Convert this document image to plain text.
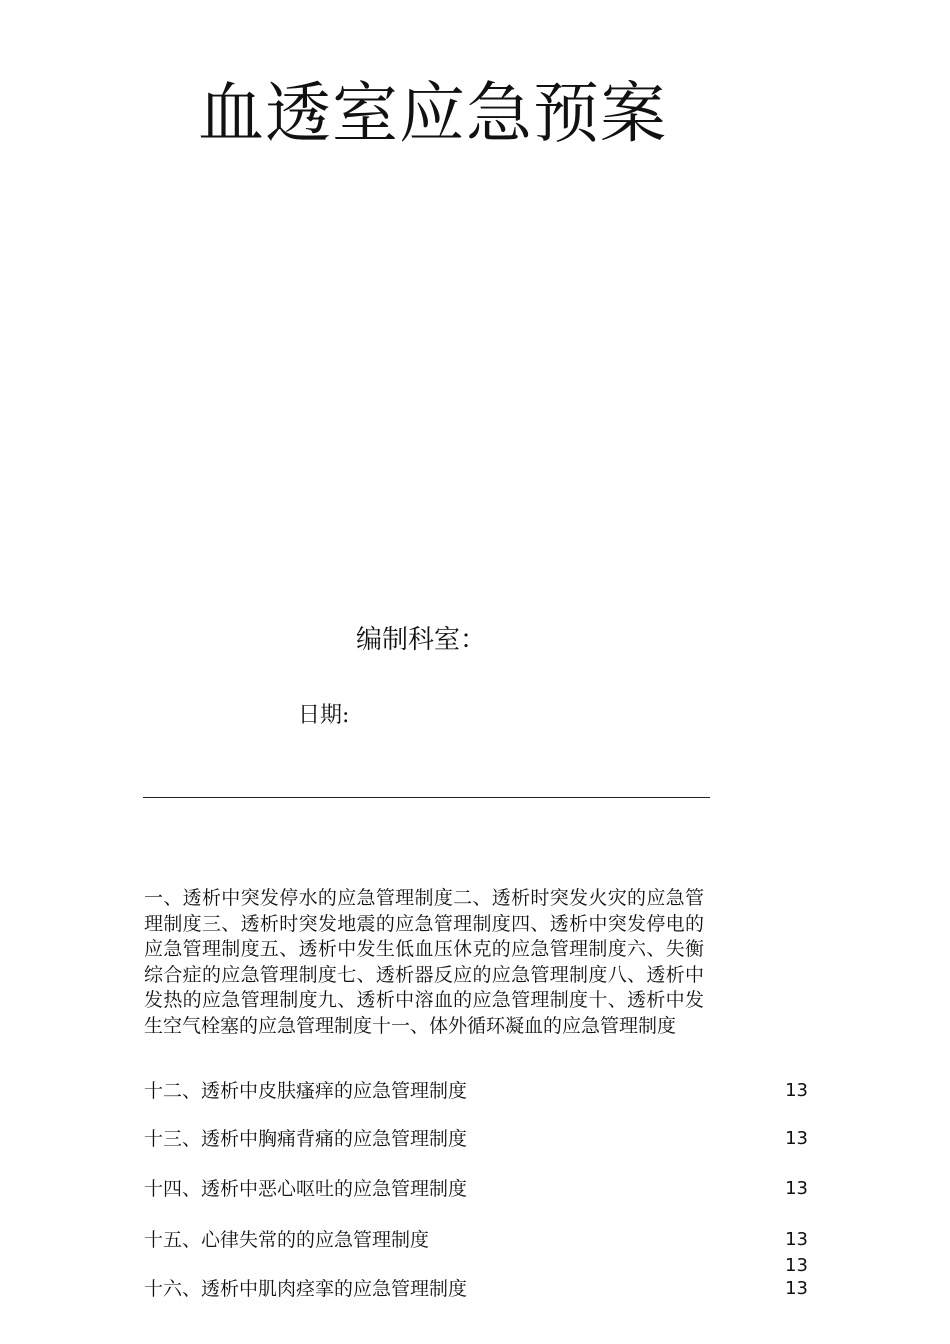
血透室应急预案
编制科室：
日期:
一、透析中突发停水的应急管理制度二、透析时突发火灾的应急管理制度三、透析时突发地震的应急管理制度四、透析中突发停电的应急管理制度五、透析中发生低血压休克的应急管理制度六、失衡综合症的应急管理制度七、透析器反应的应急管理制度八、透析中发热的应急管理制度九、透析中溶血的应急管理制度十、透析中发生空气栓塞的应急管理制度十一、体外循环凝血的应急管理制度
十二、透析中皮肤瘙痒的应急管理制度	13
十三、透析中胸痛背痛的应急管理制度	13
十四、透析中恶心呕吐的应急管理制度	13
十五、心律失常的的应急管理制度	13
13
十六、透析中肌肉痉挛的应急管理制度	13
